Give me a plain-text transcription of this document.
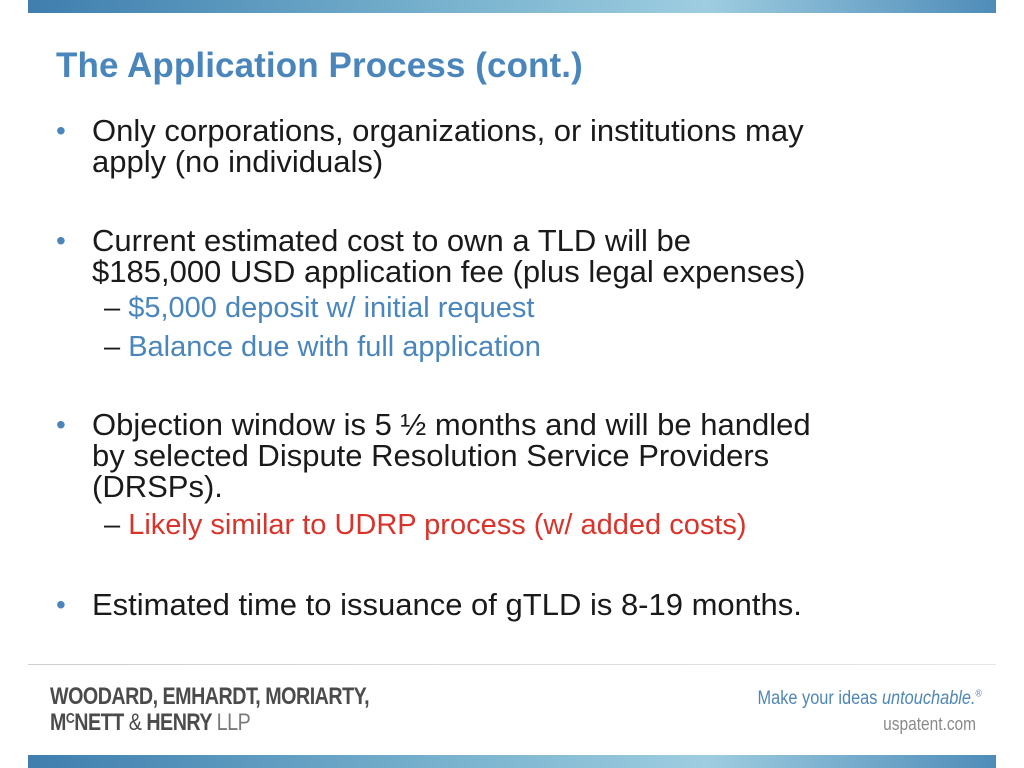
The Application Process (cont.)
• Only corporations, organizations, or institutions may
apply (no individuals)
• Current estimated cost to own a TLD will be
$185,000 USD application fee (plus legal expenses)
– $5,000 deposit w/ initial request
– Balance due with full application
• Objection window is 5 ½ months and will be handled
by selected Dispute Resolution Service Providers
(DRSPs).
– Likely similar to UDRP process (w/ added costs)
• Estimated time to issuance of gTLD is 8-19 months.
WOODARD, EMHARDT, MORIARTY,
$M^CNETT$ & HENRY LLP
Make your ideas untouchable.®
uspatent.com
